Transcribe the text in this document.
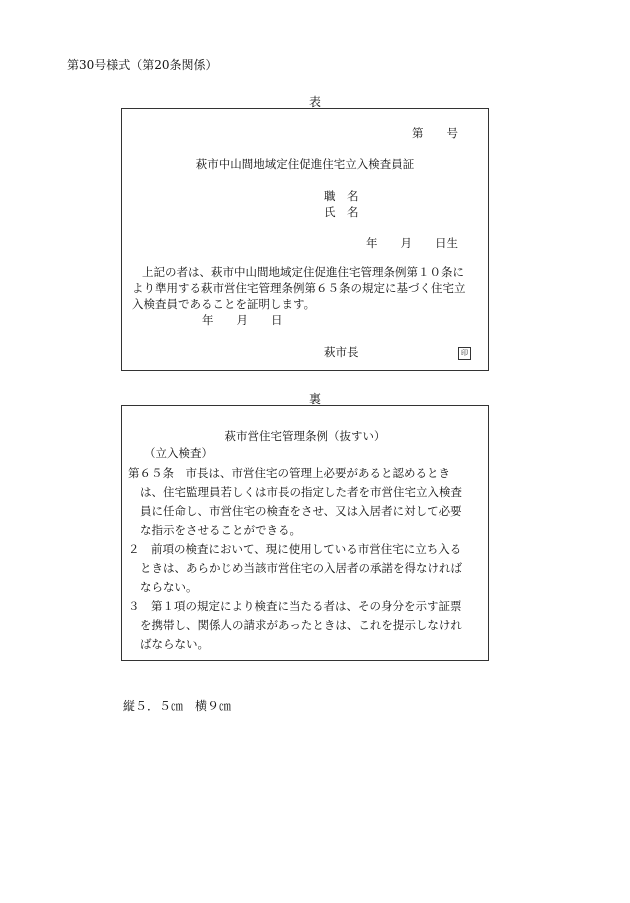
第30号様式（第20条関係）
表
第　　号
萩市中山間地域定住促進住宅立入検査員証
職　名
氏　名
年　　月　　日生
上記の者は、萩市中山間地域定住促進住宅管理条例第１０条に
より準用する萩市営住宅管理条例第６５条の規定に基づく住宅立
入検査員であることを証明します。
年　　月　　日
萩市長	印
裏
萩市営住宅管理条例（抜すい）
（立入検査）
第６５条　市長は、市営住宅の管理上必要があると認めるとき
は、住宅監理員若しくは市長の指定した者を市営住宅立入検査
員に任命し、市営住宅の検査をさせ、又は入居者に対して必要
な指示をさせることができる。
２　前項の検査において、現に使用している市営住宅に立ち入る
ときは、あらかじめ当該市営住宅の入居者の承諾を得なければ
ならない。
３　第１項の規定により検査に当たる者は、その身分を示す証票
を携帯し、関係人の請求があったときは、これを提示しなけれ
ばならない。
縦５．５㎝　横９㎝
